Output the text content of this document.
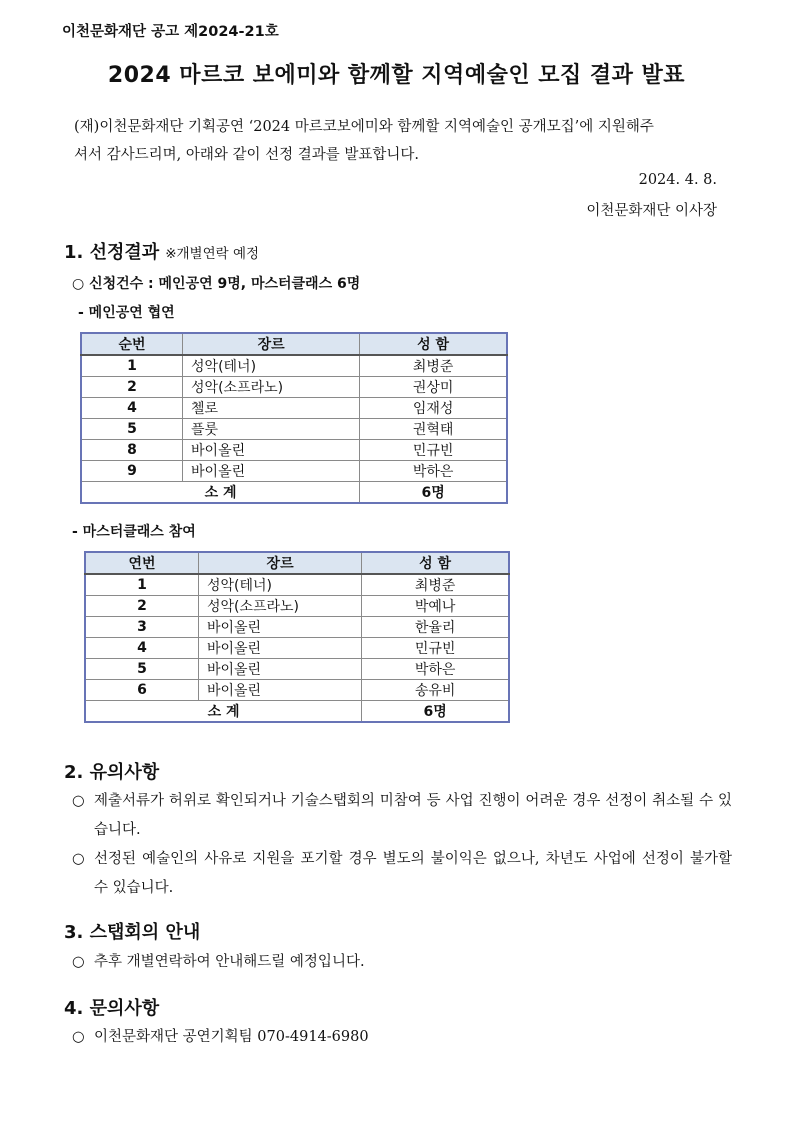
이천문화재단 공고 제2024-21호
2024 마르코 보에미와 함께할 지역예술인 모집 결과 발표

(재)이천문화재단 기획공연 ‘2024 마르코보에미와 함께할 지역예술인 공개모집’에 지원해주

셔서 감사드리며, 아래와 같이 선정 결과를 발표합니다.

2024. 4. 8.
이천문화재단 이사장
1. 선정결과 ※개별연락 예정
○ 신청건수 : 메인공연 9명, 마스터클래스 6명
- 메인공연 협연
순번	장르	성 함
1	성악(테너)	최병준
2	성악(소프라노)	권상미
4	첼로	임재성
5	플룻	권혁태
8	바이올린	민규빈
9	바이올린	박하은
소 계		6명
- 마스터클래스 참여
연번	장르	성 함
1	성악(테너)	최병준
2	성악(소프라노)	박예나
3	바이올린	한율리
4	바이올린	민규빈
5	바이올린	박하은
6	바이올린	송유비
소 계		6명
2. 유의사항
○ 제출서류가 허위로 확인되거나 기술스탭회의 미참여 등 사업 진행이 어려운 경우 선정이 취소될 수 있습니다.
○ 선정된 예술인의 사유로 지원을 포기할 경우 별도의 불이익은 없으나, 차년도 사업에 선정이 불가할 수 있습니다.
3. 스탭회의 안내
○ 추후 개별연락하여 안내해드릴 예정입니다.
4. 문의사항
○ 이천문화재단 공연기획팀 070-4914-6980
